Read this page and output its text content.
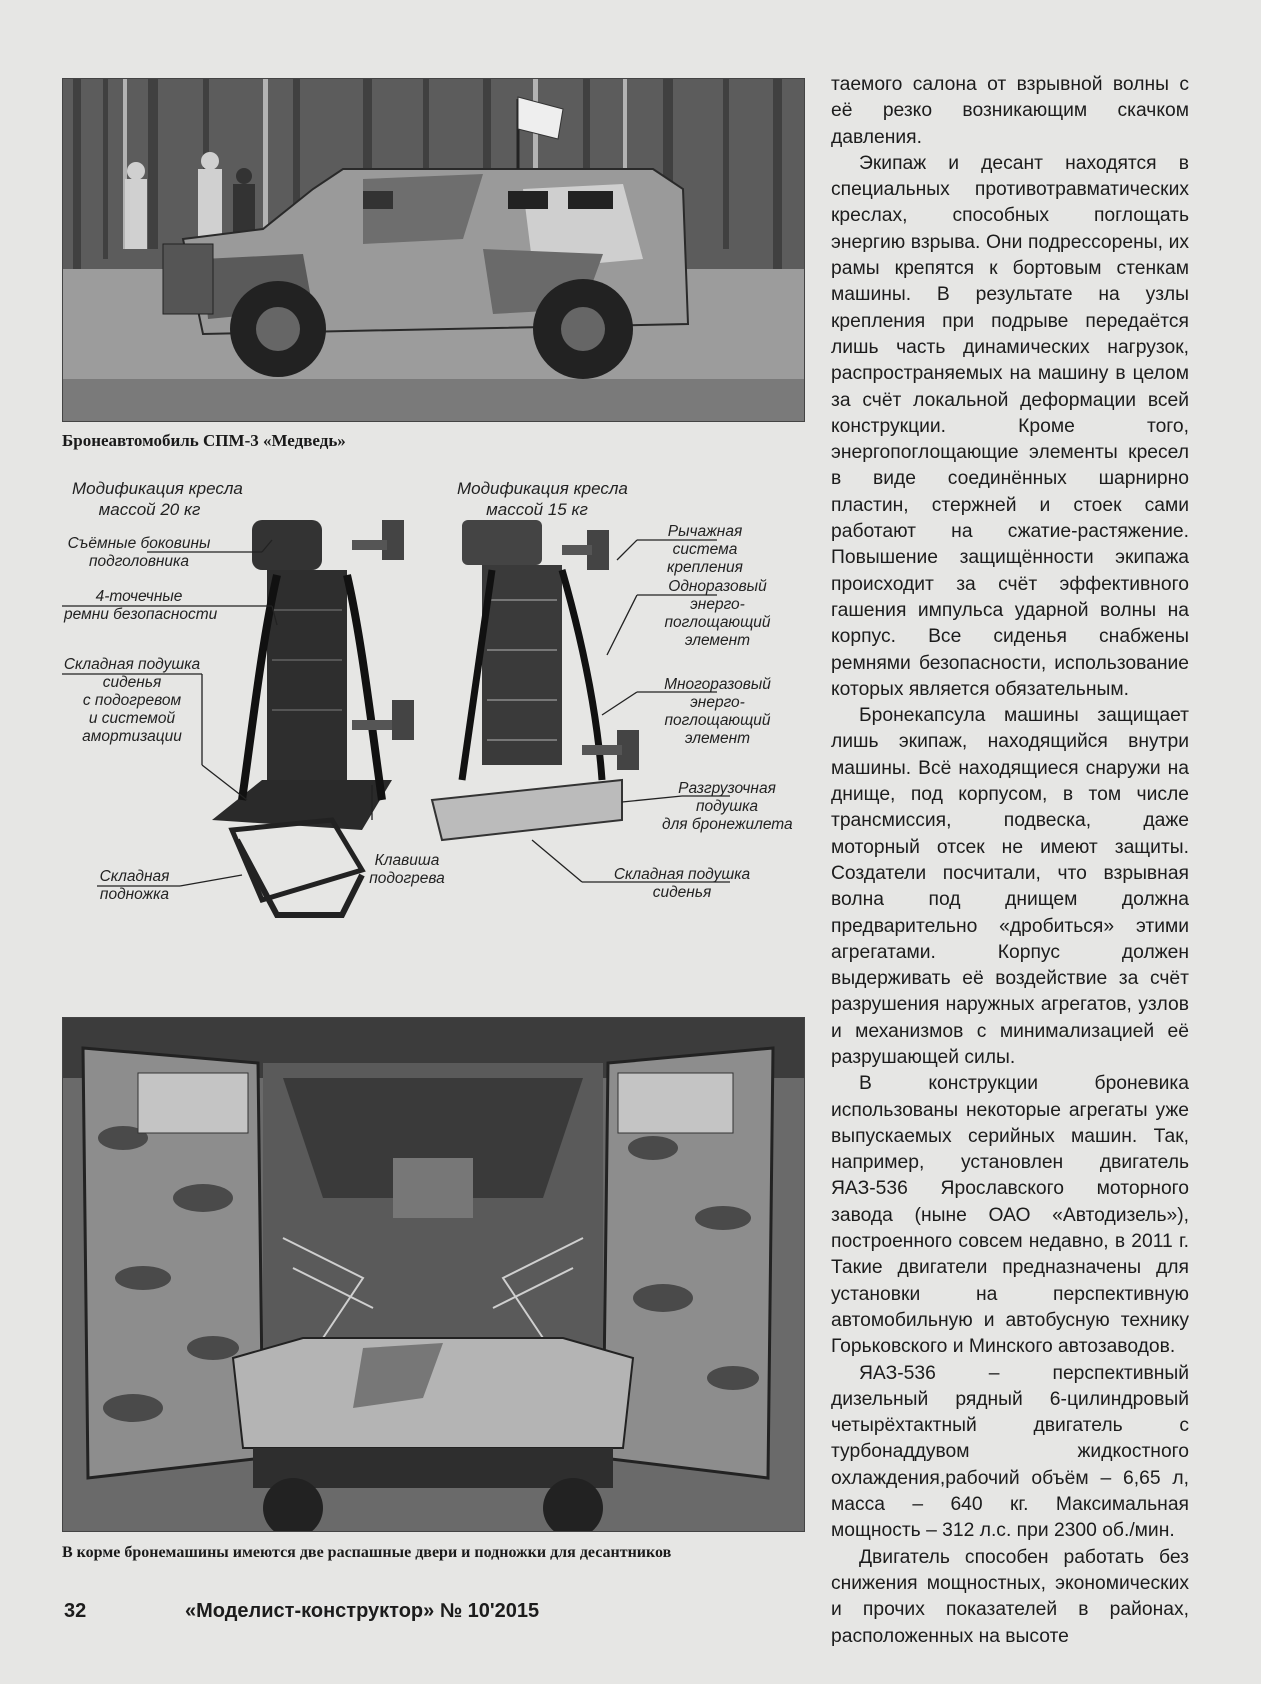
Бронеавтомобиль СПМ-3 «Медведь»
Модификация кресла
массой 20 кг
Модификация кресла
массой 15 кг
Съёмные боковины
подголовника
4-точечные
ремни безопасности
Складная подушка
сиденья
с подогревом
и системой
амортизации
Складная
подножка
Клавиша
подогрева
Рычажная
система
крепления
Одноразовый
энерго-
поглощающий
элемент
Многоразовый
энерго-
поглощающий
элемент
Разгрузочная
подушка
для бронежилета
Складная подушка
сиденья
В корме бронемашины имеются две распашные двери и подножки для десантников

таемого салона от взрывной волны с её резко возникающим скачком давления.

Экипаж и десант находятся в специальных противотравматических креслах, способных поглощать энергию взрыва. Они подрессорены, их рамы крепятся к бортовым стенкам машины. В результате на узлы крепления при подрыве передаётся лишь часть динамических нагрузок, распространяемых на машину в целом за счёт локальной деформации всей конструкции. Кроме того, энергопоглощающие элементы кресел в виде соединённых шарнирно пластин, стержней и стоек сами работают на сжатие-растяжение. Повышение защищённости экипажа происходит за счёт эффективного гашения импульса ударной волны на корпус. Все сиденья снабжены ремнями безопасности, использование которых является обязательным.

Бронекапсула машины защищает лишь экипаж, находящийся внутри машины. Всё находящиеся снаружи на днище, под корпусом, в том числе трансмиссия, подвеска, даже моторный отсек не имеют защиты. Создатели посчитали, что взрывная волна под днищем должна предварительно «дробиться» этими агрегатами. Корпус должен выдерживать её воздействие за счёт разрушения наружных агрегатов, узлов и механизмов с минимализацией её разрушающей силы.

В конструкции броневика использованы некоторые агрегаты уже выпускаемых серийных машин. Так, например, установлен двигатель ЯАЗ-536 Ярославского моторного завода (ныне ОАО «Автодизель»), построенного совсем недавно, в 2011 г. Такие двигатели предназначены для установки на перспективную автомобильную и автобусную технику Горьковского и Минского автозаводов.

ЯАЗ-536 – перспективный дизельный рядный 6-цилиндровый четырёхтактный двигатель с турбонаддувом жидкостного охлаждения,рабочий объём – 6,65 л, масса – 640 кг. Максимальная мощность – 312 л.с. при 2300 об./мин.

Двигатель способен работать без снижения мощностных, экономических и прочих показателей в районах, расположенных на высоте

32	«Моделист-конструктор» № 10'2015
